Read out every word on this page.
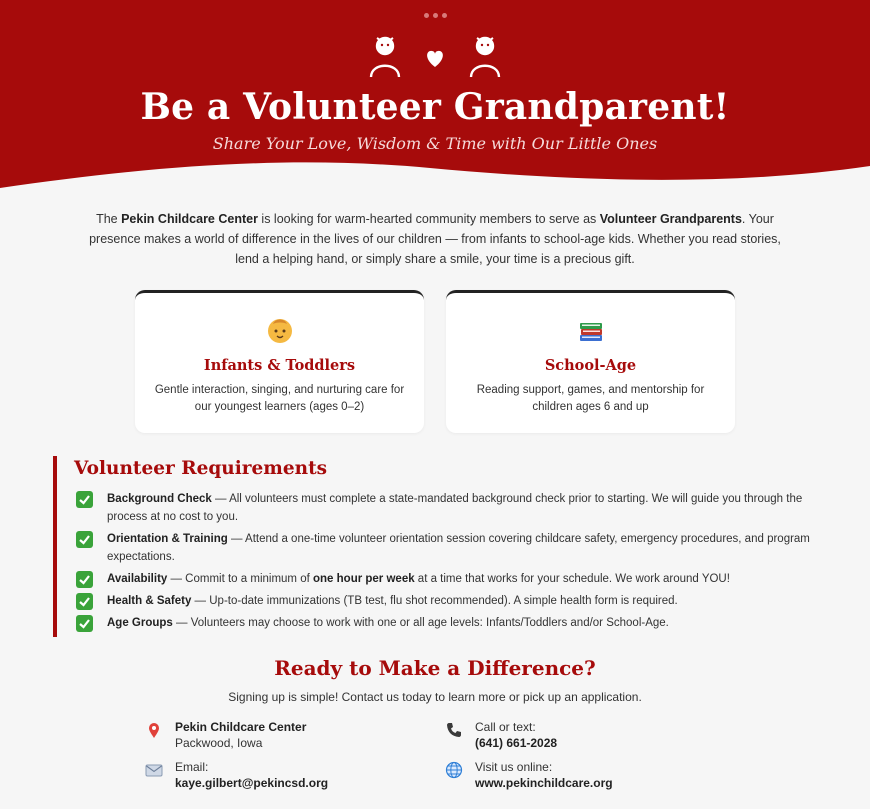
Be a Volunteer Grandparent!
Share Your Love, Wisdom & Time with Our Little Ones
The Pekin Childcare Center is looking for warm-hearted community members to serve as Volunteer Grandparents. Your presence makes a world of difference in the lives of our children — from infants to school-age kids. Whether you read stories, lend a helping hand, or simply share a smile, your time is a precious gift.
Infants & Toddlers
Gentle interaction, singing, and nurturing care for our youngest learners (ages 0–2)
School-Age
Reading support, games, and mentorship for children ages 6 and up
Volunteer Requirements
Background Check — All volunteers must complete a state-mandated background check prior to starting. We will guide you through the process at no cost to you.
Orientation & Training — Attend a one-time volunteer orientation session covering childcare safety, emergency procedures, and program expectations.
Availability — Commit to a minimum of one hour per week at a time that works for your schedule. We work around YOU!
Health & Safety — Up-to-date immunizations (TB test, flu shot recommended). A simple health form is required.
Age Groups — Volunteers may choose to work with one or all age levels: Infants/Toddlers and/or School-Age.
Ready to Make a Difference?
Signing up is simple! Contact us today to learn more or pick up an application.
Pekin Childcare Center
Packwood, Iowa
Call or text:
(641) 661-2028
Email:
kaye.gilbert@pekincsd.org
Visit us online:
www.pekinchildcare.org
